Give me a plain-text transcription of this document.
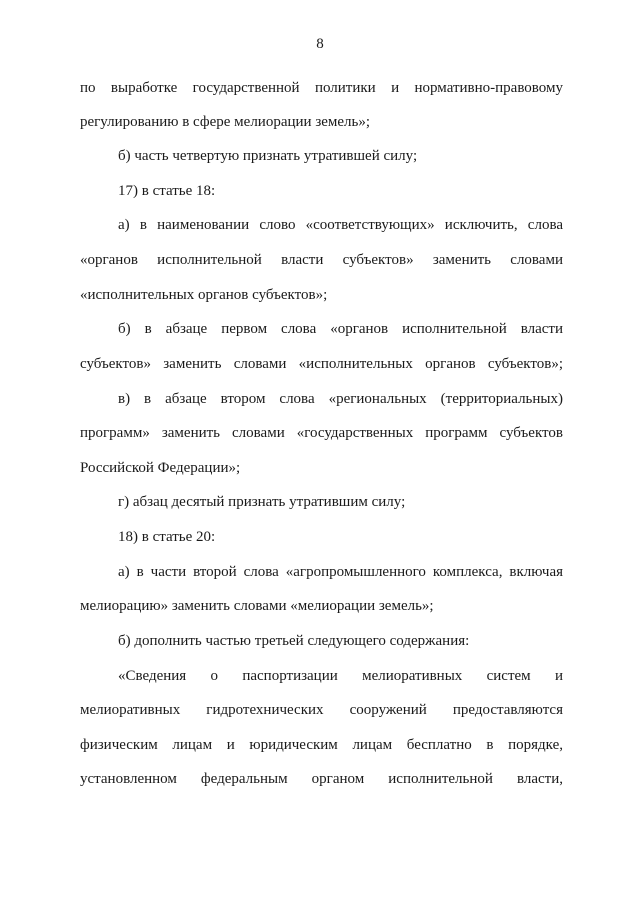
8
по выработке государственной политики и нормативно-правовому
регулированию в сфере мелиорации земель»;
б) часть четвертую признать утратившей силу;
17) в статье 18:
а) в наименовании слово «соответствующих» исключить, слова
«органов исполнительной власти субъектов» заменить словами
«исполнительных органов субъектов»;
б) в абзаце первом слова «органов исполнительной власти
субъектов» заменить словами «исполнительных органов субъектов»;
в) в абзаце втором слова «региональных (территориальных)
программ» заменить словами «государственных программ субъектов
Российской Федерации»;
г) абзац десятый признать утратившим силу;
18) в статье 20:
а) в части второй слова «агропромышленного комплекса, включая
мелиорацию» заменить словами «мелиорации земель»;
б) дополнить частью третьей следующего содержания:
«Сведения о паспортизации мелиоративных систем и
мелиоративных гидротехнических сооружений предоставляются
физическим лицам и юридическим лицам бесплатно в порядке,
установленном федеральным органом исполнительной власти,
